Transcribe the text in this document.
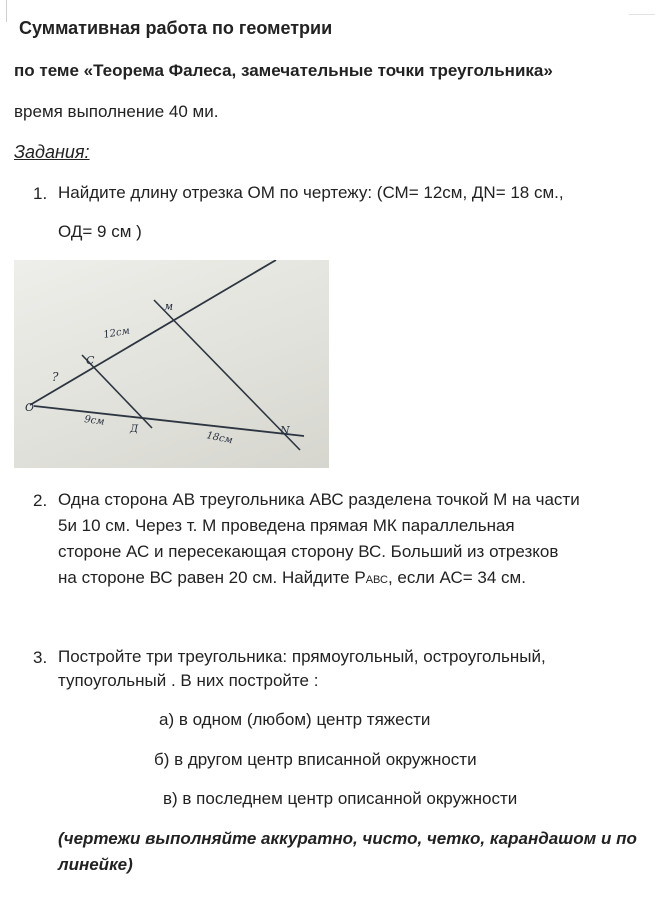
Суммативная работа по геометрии
по теме «Теорема Фалеса, замечательные точки треугольника»
время выполнение 40 ми.
Задания:
1. Найдите длину отрезка ОМ по чертежу: (СМ= 12см, ДN= 18 см.,
ОД= 9 см )
м
С
О
Д	N
?
12см
9см
18см
2. Одна сторона АВ треугольника АВС разделена точкой М на части
5и 10 см. Через т. М проведена прямая МК параллельная
стороне АС и пересекающая сторону ВС. Больший из отрезков
на стороне ВС равен 20 см. Найдите РАВС, если АС= 34 см.
3. Постройте три треугольника: прямоугольный, остроугольный,
тупоугольный . В них постройте :
а) в одном (любом) центр тяжести
б) в другом центр вписанной окружности
в) в последнем центр описанной окружности
(чертежи выполняйте аккуратно, чисто, четко, карандашом и по линейке)
